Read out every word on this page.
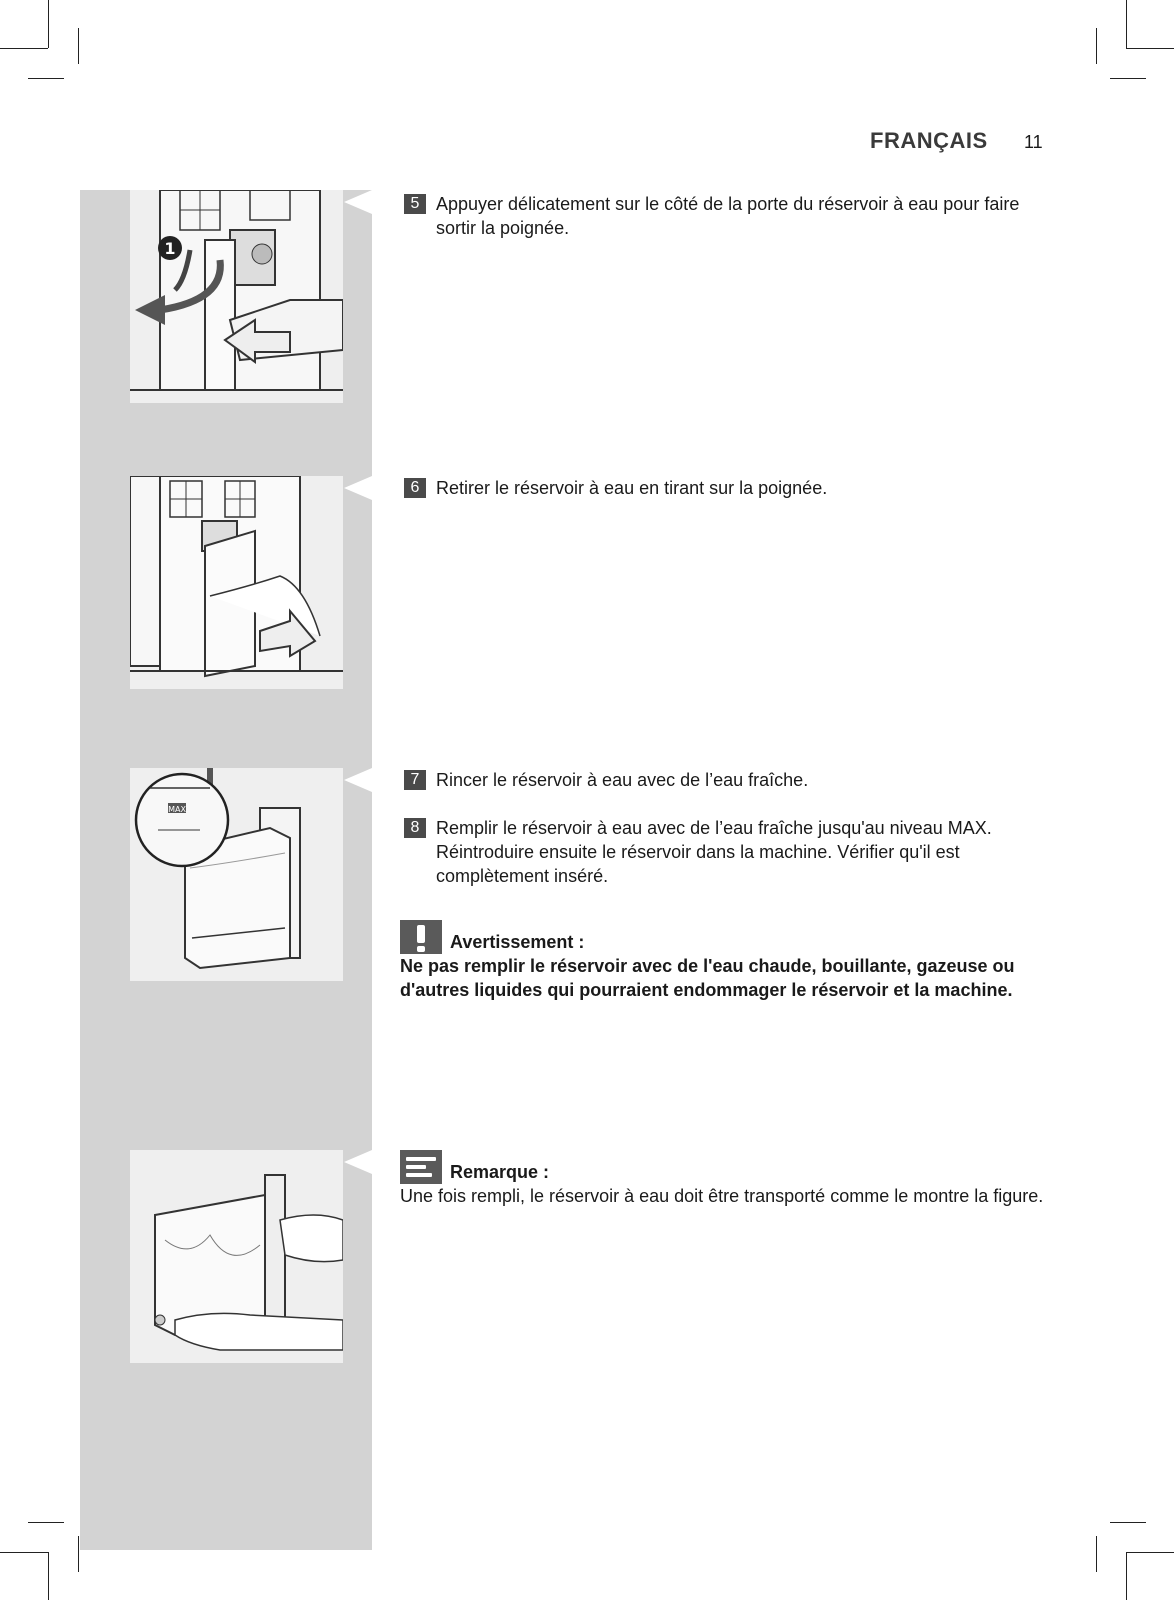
FRANÇAIS 11
1
MAX
5 Appuyer délicatement sur le côté de la porte du réservoir à eau pour faire sortir la poignée.
6 Retirer le réservoir à eau en tirant sur la poignée.
7 Rincer le réservoir à eau avec de l’eau fraîche.
8 Remplir le réservoir à eau avec de l’eau fraîche jusqu'au niveau MAX. Réintroduire ensuite le réservoir dans la machine. Vérifier qu'il est complètement inséré.
Avertissement :
Ne pas remplir le réservoir avec de l'eau chaude, bouillante, gazeuse ou d'autres liquides qui pourraient endommager le réservoir et la machine.
Remarque :
Une fois rempli, le réservoir à eau doit être transporté comme le montre la figure.
